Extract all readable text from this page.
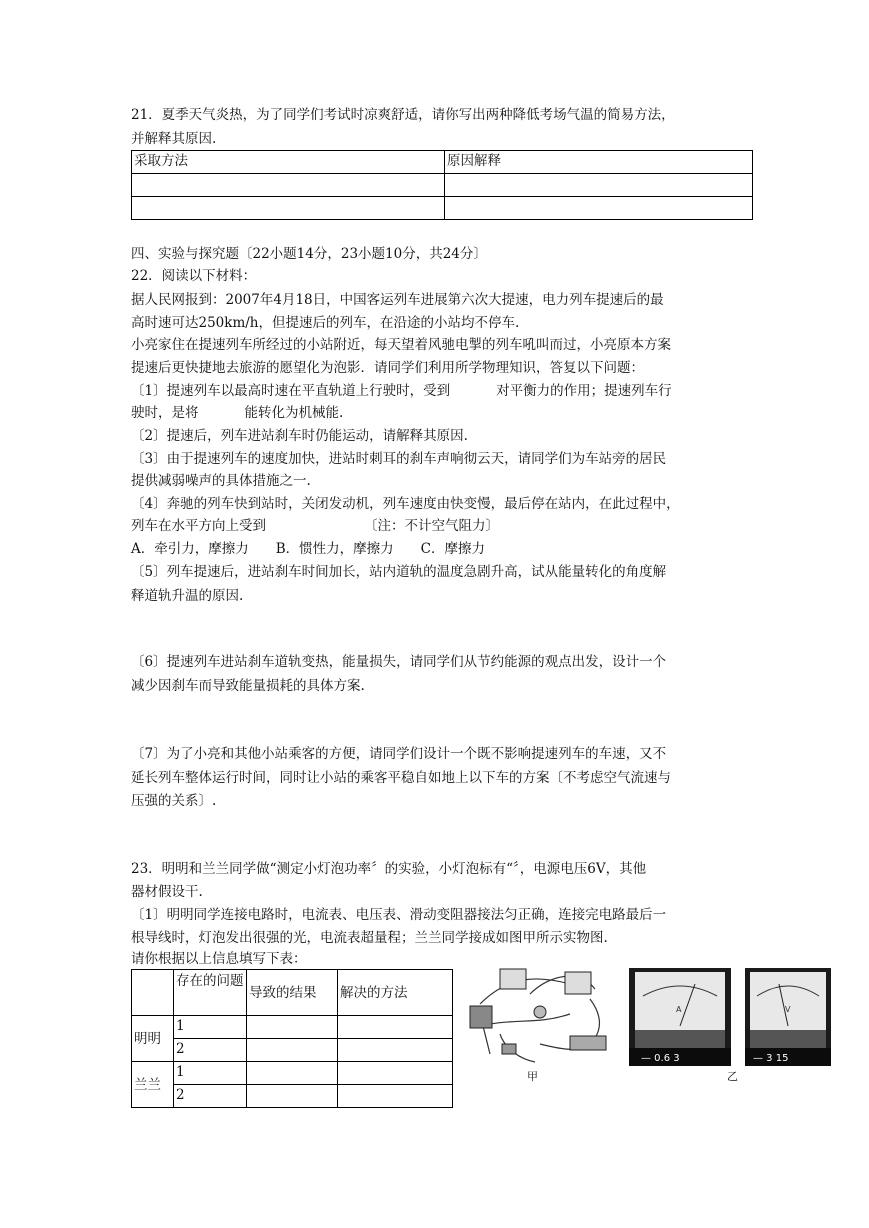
21．夏季天气炎热，为了同学们考试时凉爽舒适，请你写出两种降低考场气温的简易方法，
并解释其原因.
采取方法	原因解释

四、实验与探究题〔22小题14分，23小题10分，共24分〕
22．阅读以下材料：
据人民网报到：2007年4月18日，中国客运列车进展第六次大提速，电力列车提速后的最
高时速可达250km/h，但提速后的列车，在沿途的小站均不停车.
小亮家住在提速列车所经过的小站附近，每天望着风驰电掣的列车吼叫而过，小亮原本方案
提速后更快捷地去旅游的愿望化为泡影．请同学们利用所学物理知识，答复以下问题：
〔1〕提速列车以最高时速在平直轨道上行驶时，受到	对平衡力的作用；提速列车行
驶时，是将	能转化为机械能.
〔2〕提速后，列车进站刹车时仍能运动，请解释其原因.
〔3〕由于提速列车的速度加快，进站时刺耳的刹车声响彻云天，请同学们为车站旁的居民
提供减弱噪声的具体措施之一.
〔4〕奔驰的列车快到站时，关闭发动机，列车速度由快变慢，最后停在站内，在此过程中，
列车在水平方向上受到	〔注：不计空气阻力〕
A．牵引力，摩擦力　　B．惯性力，摩擦力　　C．摩擦力
〔5〕列车提速后，进站刹车时间加长，站内道轨的温度急剧升高，试从能量转化的角度解
释道轨升温的原因.
〔6〕提速列车进站刹车道轨变热，能量损失，请同学们从节约能源的观点出发，设计一个
减少因刹车而导致能量损耗的具体方案.
〔7〕为了小亮和其他小站乘客的方便，请同学们设计一个既不影响提速列车的车速，又不
延长列车整体运行时间，同时让小站的乘客平稳自如地上以下车的方案〔不考虑空气流速与
压强的关系〕.
23．明明和兰兰同学做“测定小灯泡功率〞的实验，小灯泡标有“〞，电源电压6V，其他
器材假设干.
〔1〕明明同学连接电路时，电流表、电压表、滑动变阻器接法匀正确，连接完电路最后一
根导线时，灯泡发出很强的光，电流表超量程；兰兰同学接成如图甲所示实物图.
请你根据以上信息填写下表：
	存在的问题	导致的结果	解决的方法
明明	1		
	2		
兰兰	1		
	2		
甲
A
— 0.6 3
V
— 3 15
乙
